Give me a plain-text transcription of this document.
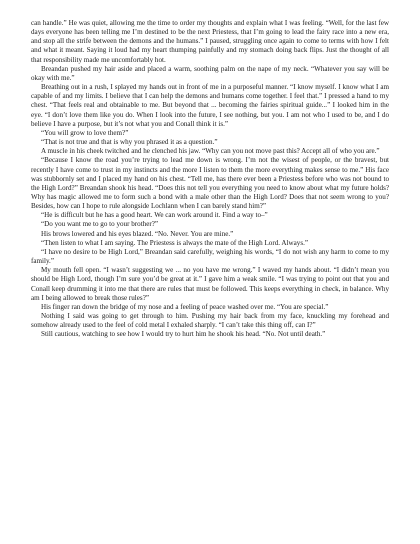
can handle.” He was quiet, allowing me the time to order my thoughts and explain what I was feeling. “Well, for the last few days everyone has been telling me I’m destined to be the next Priestess, that I’m going to lead the fairy race into a new era, and stop all the strife between the demons and the humans.” I paused, struggling once again to come to terms with how I felt and what it meant. Saying it loud had my heart thumping painfully and my stomach doing back flips. Just the thought of all that responsibility made me uncomfortably hot.

Breandan pushed my hair aside and placed a warm, soothing palm on the nape of my neck. “Whatever you say will be okay with me.”

Breathing out in a rush, I splayed my hands out in front of me in a purposeful manner. “I know myself. I know what I am capable of and my limits. I believe that I can help the demons and humans come together. I feel that.” I pressed a hand to my chest. “That feels real and obtainable to me. But beyond that ... becoming the fairies spiritual guide...” I looked him in the eye. “I don’t love them like you do. When I look into the future, I see nothing, but you. I am not who I used to be, and I do believe I have a purpose, but it’s not what you and Conall think it is.”

“You will grow to love them?”

“That is not true and that is why you phrased it as a question.”

A muscle in his cheek twitched and he clenched his jaw. “Why can you not move past this? Accept all of who you are.”

“Because I know the road you’re trying to lead me down is wrong. I’m not the wisest of people, or the bravest, but recently I have come to trust in my instincts and the more I listen to them the more everything makes sense to me.” His face was stubbornly set and I placed my hand on his chest. “Tell me, has there ever been a Priestess before who was not bound to the High Lord?” Breandan shook his head. “Does this not tell you everything you need to know about what my future holds? Why has magic allowed me to form such a bond with a male other than the High Lord? Does that not seem wrong to you? Besides, how can I hope to rule alongside Lochlann when I can barely stand him?”

“He is difficult but he has a good heart. We can work around it. Find a way to–”

“Do you want me to go to your brother?”

His brows lowered and his eyes blazed. “No. Never. You are mine.”

“Then listen to what I am saying. The Priestess is always the mate of the High Lord. Always.”

“I have no desire to be High Lord,” Breandan said carefully, weighing his words, “I do not wish any harm to come to my family.”

My mouth fell open. “I wasn’t suggesting we ... no you have me wrong.” I waved my hands about. “I didn’t mean you should be High Lord, though I’m sure you’d be great at it.” I gave him a weak smile. “I was trying to point out that you and Conall keep drumming it into me that there are rules that must be followed. This keeps everything in check, in balance. Why am I being allowed to break those rules?”

His finger ran down the bridge of my nose and a feeling of peace washed over me. “You are special.”

Nothing I said was going to get through to him. Pushing my hair back from my face, knuckling my forehead and somehow already used to the feel of cold metal I exhaled sharply. “I can’t take this thing off, can I?”

Still cautious, watching to see how I would try to hurt him he shook his head. “No. Not until death.”
